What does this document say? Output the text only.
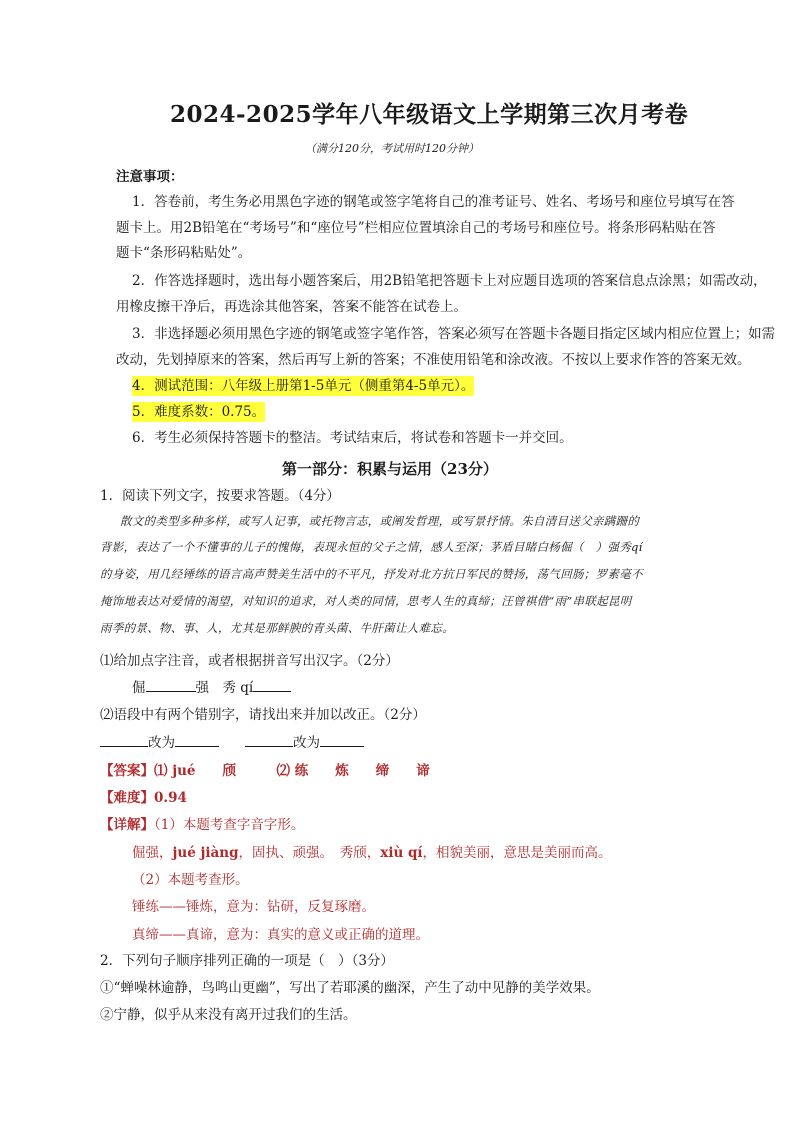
2024-2025学年八年级语文上学期第三次月考卷
（满分120分，考试用时120分钟）
注意事项：
1．答卷前，考生务必用黑色字迹的钢笔或签字笔将自己的准考证号、姓名、考场号和座位号填写在答
题卡上。用2B铅笔在“考场号”和“座位号”栏相应位置填涂自己的考场号和座位号。将条形码粘贴在答
题卡“条形码粘贴处”。
2．作答选择题时，选出每小题答案后，用2B铅笔把答题卡上对应题目选项的答案信息点涂黑；如需改动，
用橡皮擦干净后，再选涂其他答案，答案不能答在试卷上。
3．非选择题必须用黑色字迹的钢笔或签字笔作答，答案必须写在答题卡各题目指定区域内相应位置上；如需
改动，先划掉原来的答案，然后再写上新的答案；不准使用铅笔和涂改液。不按以上要求作答的答案无效。
4．测试范围：八年级上册第1-5单元（侧重第4-5单元）。
5．难度系数：0.75。
6．考生必须保持答题卡的整洁。考试结束后，将试卷和答题卡一并交回。
第一部分：积累与运用（23分）
1．阅读下列文字，按要求答题。（4分）
散文的类型多种多样，或写人记事，或托物言志，或阐发哲理，或写景抒情。朱自清目送父亲蹒跚的
背影，表达了一个不懂事的儿子的愧悔，表现永恒的父子之情，感人至深；茅盾目睹白杨倔（　）强秀qí
的身姿，用几经锤练的语言高声赞美生活中的不平凡，抒发对北方抗日军民的赞扬，荡气回肠；罗素毫不
掩饰地表达对爱情的渴望，对知识的追求，对人类的同情，思考人生的真缔；汪曾祺借“雨”串联起昆明
雨季的景、物、事、人，尤其是那鲜腴的青头菌、牛肝菌让人难忘。
⑴给加点字注音，或者根据拼音写出汉字。（2分）
倔	强　秀 qí
⑵语段中有两个错别字，请找出来并加以改正。（2分）
改为	改为
【答案】⑴ jué　　颀　　　⑵ 练　　炼　　缔　　谛
【难度】0.94
【详解】（1）本题考查字音字形。
倔强，jué jiàng，固执、顽强。　秀颀，xiù qí，相貌美丽，意思是美丽而高。
（2）本题考查形。
锤练——锤炼，意为：钻研，反复琢磨。
真缔——真谛，意为：真实的意义或正确的道理。
2．下列句子顺序排列正确的一项是（　）（3分）
①“蝉噪林逾静，鸟鸣山更幽”，写出了若耶溪的幽深，产生了动中见静的美学效果。
②宁静，似乎从来没有离开过我们的生活。
